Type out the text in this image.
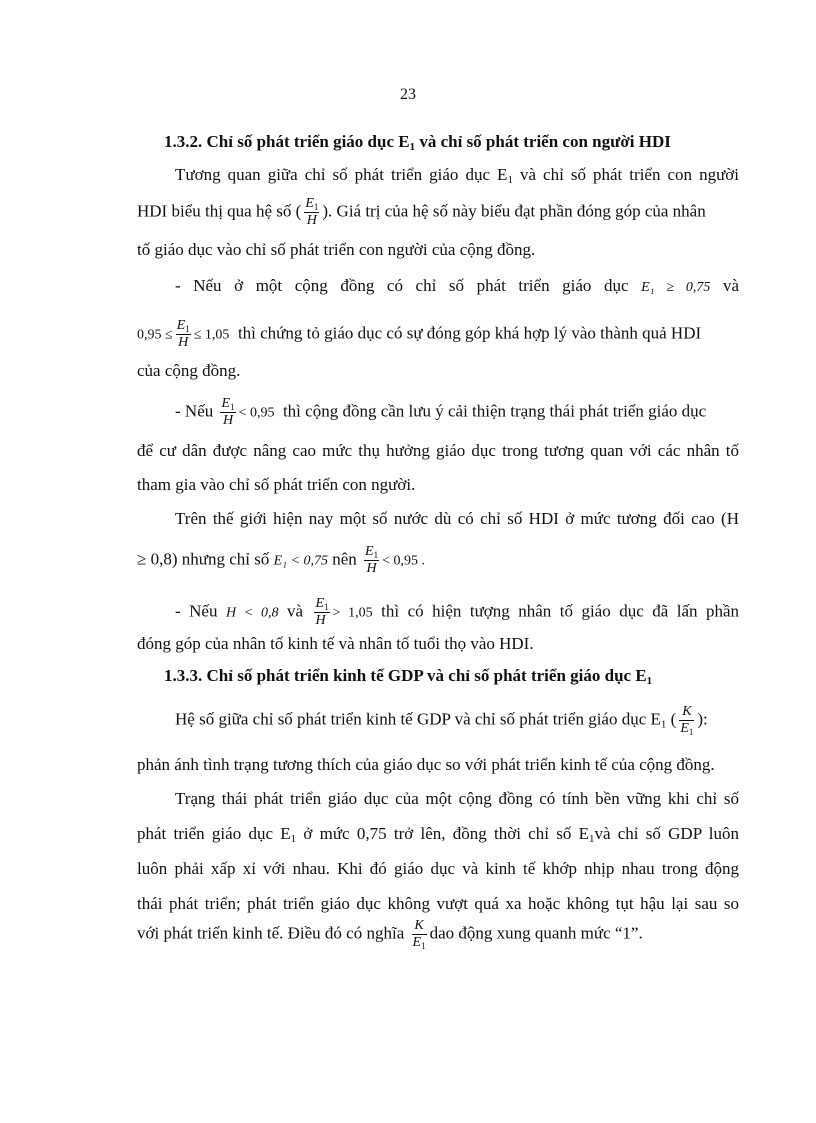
23
1.3.2. Chỉ số phát triển giáo dục $E_1$ và chỉ số phát triển con người HDI
Tương quan giữa chỉ số phát triển giáo dục $E_1$ và chỉ số phát triển con người
HDI biểu thị qua hệ số ( $\frac{E_1}{H}$ ). Giá trị của hệ số này biểu đạt phần đóng góp của nhân
tố giáo dục vào chỉ số phát triển con người của cộng đồng.
- Nếu ở một cộng đồng có chỉ số phát triển giáo dục E₁ ≥ 0,75 và
$0,95 \le \frac{E_1}{H} \le 1,05$ thì chứng tỏ giáo dục có sự đóng góp khá hợp lý vào thành quả HDI
của cộng đồng.
- Nếu $\frac{E_1}{H} < 0,95$ thì cộng đồng cần lưu ý cải thiện trạng thái phát triển giáo dục
để cư dân được nâng cao mức thụ hưởng giáo dục trong tương quan với các nhân tố
tham gia vào chỉ số phát triển con người.
Trên thế giới hiện nay một số nước dù có chỉ số HDI ở mức tương đối cao (H
≥ 0,8) nhưng chỉ số E₁ < 0,75 nên $\frac{E_1}{H} < 0,95$ .
- Nếu H < 0,8 và $\frac{E_1}{H} > 1,05$ thì có hiện tượng nhân tố giáo dục đã lấn phần
đóng góp của nhân tố kinh tế và nhân tố tuổi thọ vào HDI.
1.3.3. Chỉ số phát triển kinh tế GDP và chỉ số phát triển giáo dục $E_1$
Hệ số giữa chỉ số phát triển kinh tế GDP và chỉ số phát triển giáo dục $E_1$ ( $\frac{K}{E_1}$ ):
phản ánh tình trạng tương thích của giáo dục so với phát triển kinh tế của cộng đồng.
Trạng thái phát triển giáo dục của một cộng đồng có tính bền vững khi chỉ số
phát triển giáo dục $E_1$ ở mức 0,75 trở lên, đồng thời chỉ số $E_1và$ chỉ số GDP luôn
luôn phải xấp xỉ với nhau. Khi đó giáo dục và kinh tế khớp nhịp nhau trong động
thái phát triển; phát triển giáo dục không vượt quá xa hoặc không tụt hậu lại sau so
với phát triển kinh tế. Điều đó có nghĩa $\frac{K}{E_1}$ dao động xung quanh mức “1”.
